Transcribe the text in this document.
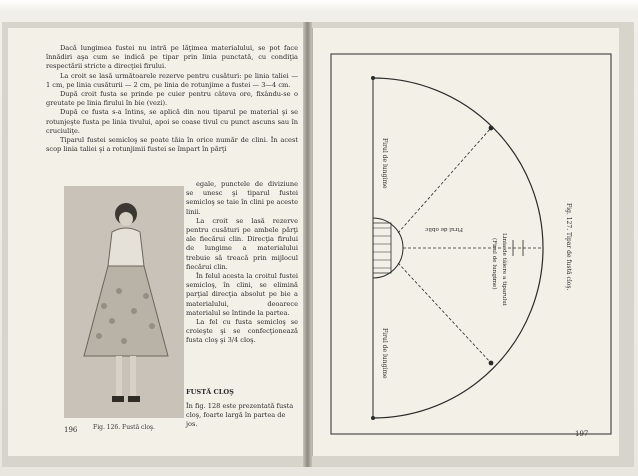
Dacă lungimea fustei nu intră pe lăţimea materialului, se pot face înnădiri aşa cum se indică pe tipar prin linia punctată, cu condiţia respectării stricte a direcţiei firului.

La croit se lasă următoarele rezerve pentru cusături: pe linia taliei — 1 cm, pe linia cusăturii — 2 cm, pe linia de rotunjime a fustei — 3—4 cm.

După croit fusta se prinde pe cuier pentru câteva ore, fixându-se o greutate pe linia firului în bie (vezi).

După ce fusta s-a întins, se aplică din nou tiparul pe material şi se rotunjeşte fusta pe linia tivului, apoi se coase tivul cu punct ascuns sau în cruciuliţe.

Tiparul fustei semicloş se poate tăia în orice număr de clini. În acest scop linia taliei şi a rotunjimii fustei se împart în părţi

Fig. 126. Fustă cloş.

egale, punctele de diviziune se unesc şi tiparul fustei semicloş se taie în clini pe aceste linii.

La croit se lasă rezerve pentru cusături pe ambele părţi ale fiecărui clin. Direcţia firului de lungime a materialului trebuie să treacă prin mijlocul fiecărui clin.

În felul acesta la croitul fustei semicloş, în clini, se elimină parţial direcţia absolut pe bie a materialului, deoarece materialul se întinde la partea.

La fel cu fusta semicloş se croieşte şi se confecţionează fusta cloş şi 3/4 cloş.

FUSTĂ CLOŞ
În fig. 128 este prezentată fusta cloş, foarte largă în partea de jos.
196
Firul de lungime
Firul de lungime
Firul de oblic
(Firul de lungime) Linia de tăiere a tiparului	Fig. 127. Tipar de fustă cloş.
197
